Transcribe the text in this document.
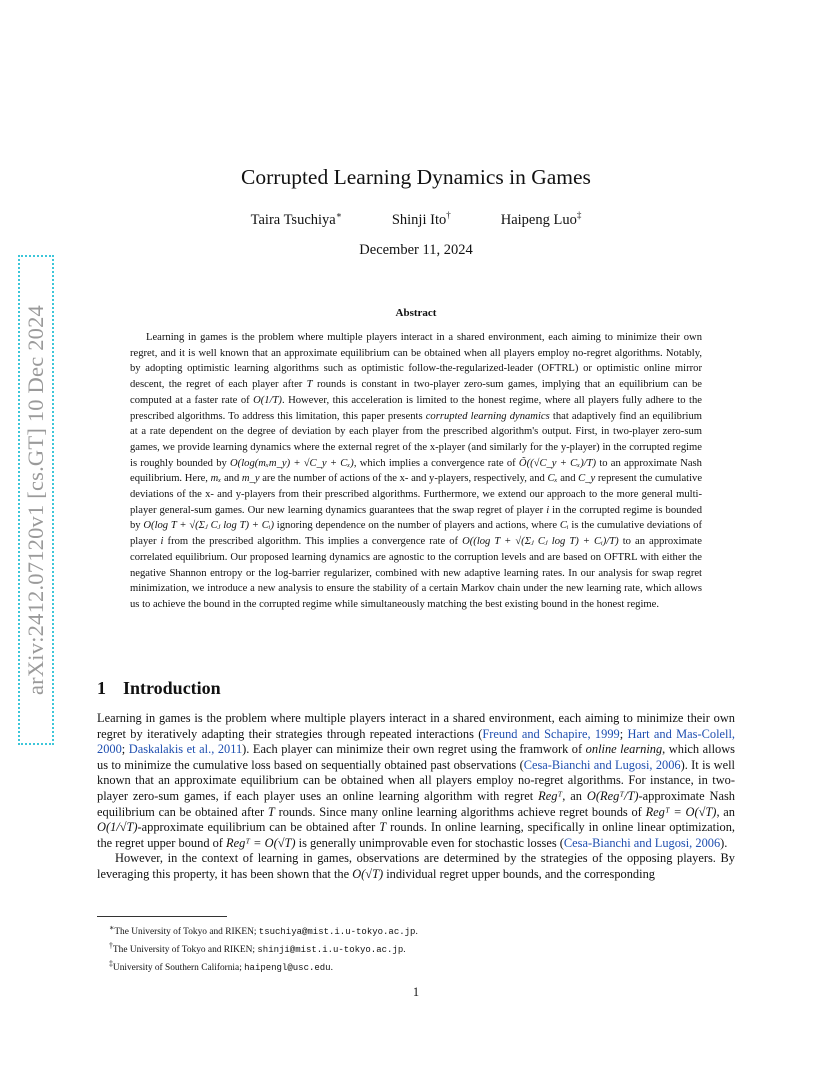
arXiv:2412.07120v1 [cs.GT] 10 Dec 2024
Corrupted Learning Dynamics in Games
Taira Tsuchiya∗	Shinji Ito†	Haipeng Luo‡
December 11, 2024
Abstract

Learning in games is the problem where multiple players interact in a shared environment, each aiming to minimize their own regret, and it is well known that an approximate equilibrium can be obtained when all players employ no-regret algorithms. Notably, by adopting optimistic learning algorithms such as optimistic follow-the-regularized-leader (OFTRL) or optimistic online mirror descent, the regret of each player after T rounds is constant in two-player zero-sum games, implying that an equilibrium can be computed at a faster rate of O(1/T). However, this acceleration is limited to the honest regime, where all players fully adhere to the prescribed algorithms. To address this limitation, this paper presents corrupted learning dynamics that adaptively find an equilibrium at a rate dependent on the degree of deviation by each player from the prescribed algorithm's output. First, in two-player zero-sum games, we provide learning dynamics where the external regret of the x-player (and similarly for the y-player) in the corrupted regime is roughly bounded by O(log(mₓm_y) + √C_y + Cₓ), which implies a convergence rate of Õ((√C_y + Cₓ)/T) to an approximate Nash equilibrium. Here, mₓ and m_y are the number of actions of the x- and y-players, respectively, and Cₓ and C_y represent the cumulative deviations of the x- and y-players from their prescribed algorithms. Furthermore, we extend our approach to the more general multi-player general-sum games. Our new learning dynamics guarantees that the swap regret of player i in the corrupted regime is bounded by O(log T + √(Σⱼ Cⱼ log T) + Cᵢ) ignoring dependence on the number of players and actions, where Cᵢ is the cumulative deviations of player i from the prescribed algorithm. This implies a convergence rate of O((log T + √(Σⱼ Cⱼ log T) + Cᵢ)/T) to an approximate correlated equilibrium. Our proposed learning dynamics are agnostic to the corruption levels and are based on OFTRL with either the negative Shannon entropy or the log-barrier regularizer, combined with new adaptive learning rates. In our analysis for swap regret minimization, we introduce a new analysis to ensure the stability of a certain Markov chain under the new learning rate, which allows us to achieve the bound in the corrupted regime while simultaneously matching the best existing bound in the honest regime.

1 Introduction

Learning in games is the problem where multiple players interact in a shared environment, each aiming to minimize their own regret by iteratively adapting their strategies through repeated interactions (Freund and Schapire, 1999; Hart and Mas-Colell, 2000; Daskalakis et al., 2011). Each player can minimize their own regret using the framwork of online learning, which allows us to minimize the cumulative loss based on sequentially obtained past observations (Cesa-Bianchi and Lugosi, 2006). It is well known that an approximate equilibrium can be obtained when all players employ no-regret algorithms. For instance, in two-player zero-sum games, if each player uses an online learning algorithm with regret Regᵀ, an O(Regᵀ/T)-approximate Nash equilibrium can be obtained after T rounds. Since many online learning algorithms achieve regret bounds of Regᵀ = O(√T), an O(1/√T)-approximate equilibrium can be obtained after T rounds. In online learning, specifically in online linear optimization, the regret upper bound of Regᵀ = O(√T) is generally unimprovable even for stochastic losses (Cesa-Bianchi and Lugosi, 2006).

However, in the context of learning in games, observations are determined by the strategies of the opposing players. By leveraging this property, it has been shown that the O(√T) individual regret upper bounds, and the corresponding

∗The University of Tokyo and RIKEN; tsuchiya@mist.i.u-tokyo.ac.jp.
†The University of Tokyo and RIKEN; shinji@mist.i.u-tokyo.ac.jp.
‡University of Southern California; haipengl@usc.edu.
1
